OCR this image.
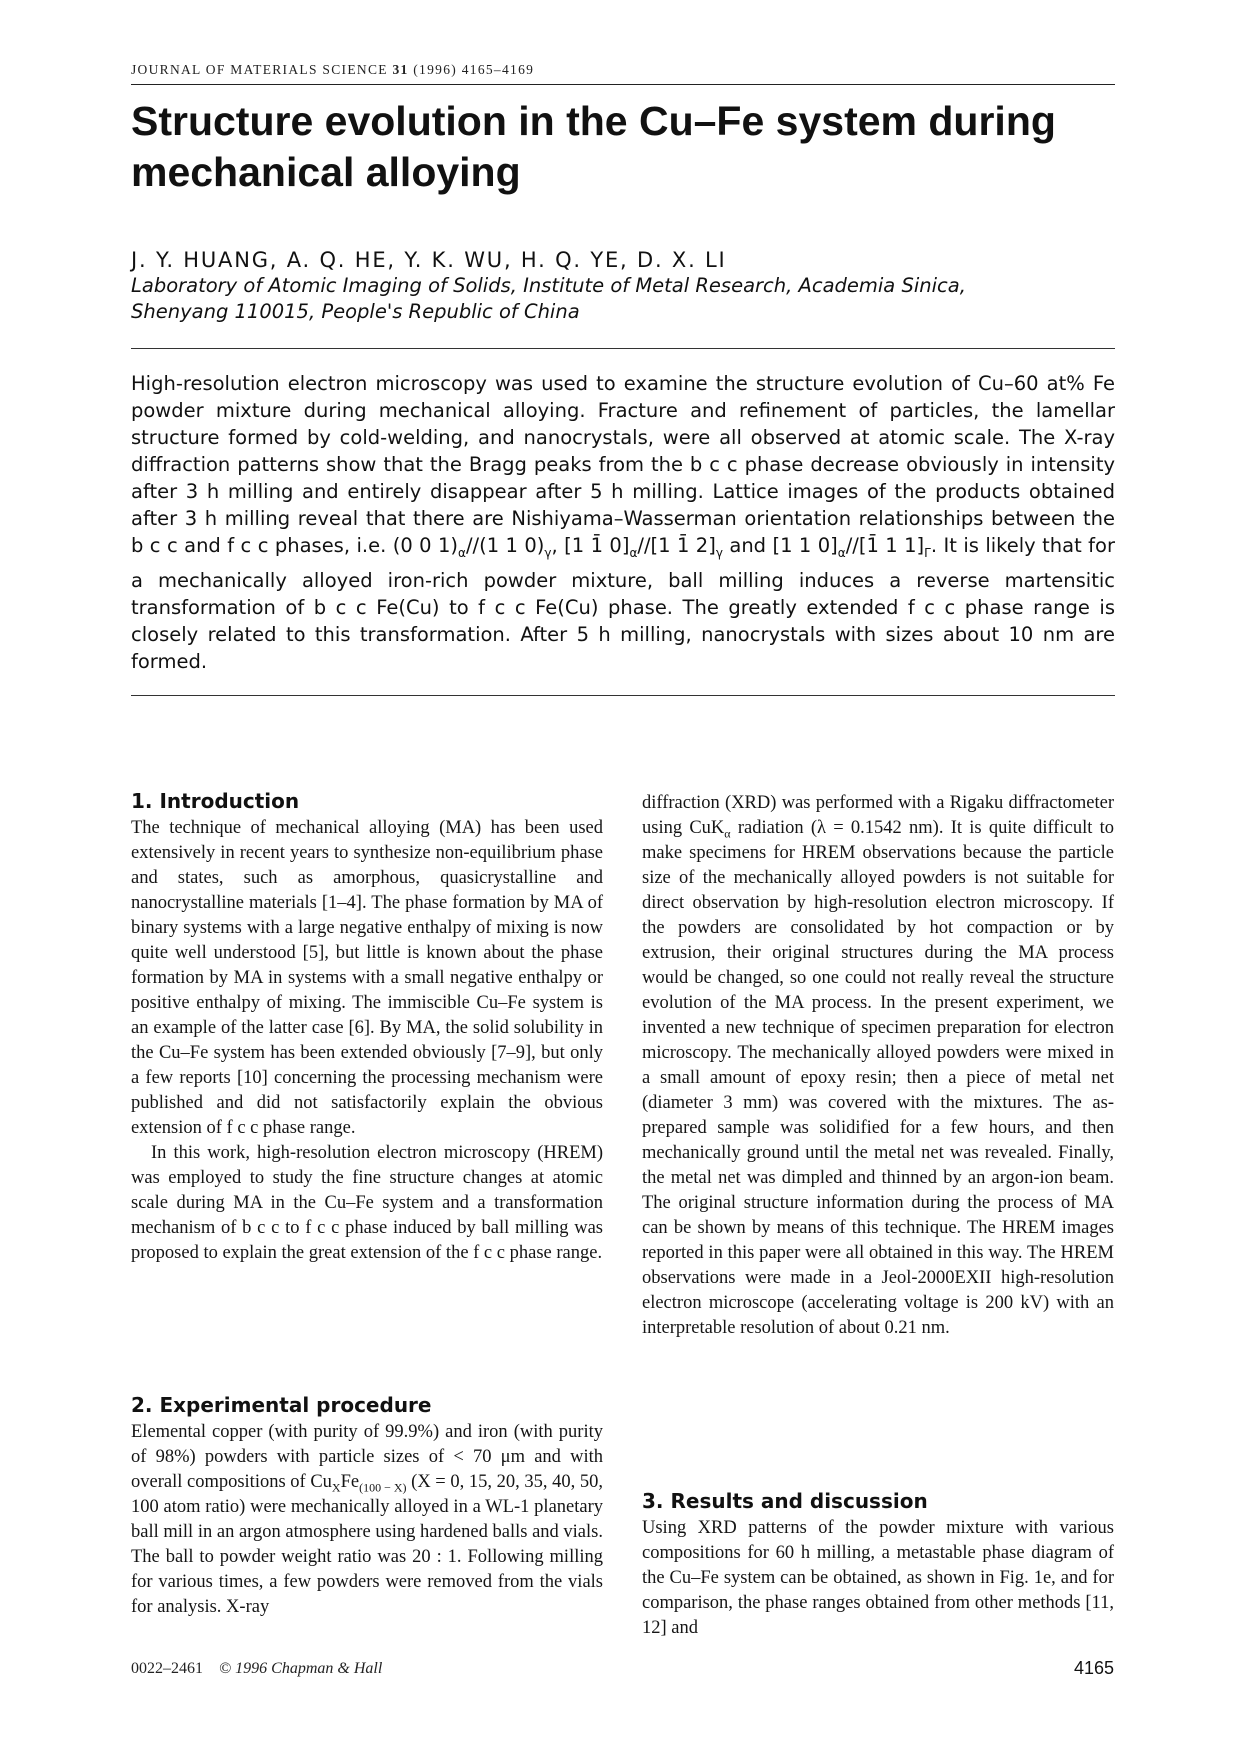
JOURNAL OF MATERIALS SCIENCE 31 (1996) 4165–4169
Structure evolution in the Cu–Fe system during mechanical alloying
J. Y. HUANG, A. Q. HE, Y. K. WU, H. Q. YE, D. X. LI
Laboratory of Atomic Imaging of Solids, Institute of Metal Research, Academia Sinica,
Shenyang 110015, People's Republic of China

High-resolution electron microscopy was used to examine the structure evolution of Cu–60 at% Fe powder mixture during mechanical alloying. Fracture and refinement of particles, the lamellar structure formed by cold-welding, and nanocrystals, were all observed at atomic scale. The X-ray diffraction patterns show that the Bragg peaks from the b c c phase decrease obviously in intensity after 3 h milling and entirely disappear after 5 h milling. Lattice images of the products obtained after 3 h milling reveal that there are Nishiyama–Wasserman orientation relationships between the b c c and f c c phases, i.e. (0 0 $1)_\alpha//(1$ 1 $0)_\gamma$, [1 1̄ $0]_\alpha//[1$ 1̄ $2]_\gamma$ and [1 1 $0]_\alpha//[1̄$ 1 $1]_\Gamma$. It is likely that for a mechanically alloyed iron-rich powder mixture, ball milling induces a reverse martensitic transformation of b c c Fe(Cu) to f c c Fe(Cu) phase. The greatly extended f c c phase range is closely related to this transformation. After 5 h milling, nanocrystals with sizes about 10 nm are formed.

1. Introduction

The technique of mechanical alloying (MA) has been used extensively in recent years to synthesize non-equilibrium phase and states, such as amorphous, quasicrystalline and nanocrystalline materials [1–4]. The phase formation by MA of binary systems with a large negative enthalpy of mixing is now quite well understood [5], but little is known about the phase formation by MA in systems with a small negative enthalpy or positive enthalpy of mixing. The immiscible Cu–Fe system is an example of the latter case [6]. By MA, the solid solubility in the Cu–Fe system has been extended obviously [7–9], but only a few reports [10] concerning the processing mechanism were published and did not satisfactorily explain the obvious extension of f c c phase range.

In this work, high-resolution electron microscopy (HREM) was employed to study the fine structure changes at atomic scale during MA in the Cu–Fe system and a transformation mechanism of b c c to f c c phase induced by ball milling was proposed to explain the great extension of the f c c phase range.

2. Experimental procedure

Elemental copper (with purity of 99.9%) and iron (with purity of 98%) powders with particle sizes of < 70 μm and with overall compositions of $Cu_XFe_{(100 - X)}$ (X = 0, 15, 20, 35, 40, 50, 100 atom ratio) were mechanically alloyed in a WL-1 planetary ball mill in an argon atmosphere using hardened balls and vials. The ball to powder weight ratio was 20 : 1. Following milling for various times, a few powders were removed from the vials for analysis. X-ray

diffraction (XRD) was performed with a Rigaku diffractometer using CuK$_\alpha$ radiation (λ = 0.1542 nm). It is quite difficult to make specimens for HREM observations because the particle size of the mechanically alloyed powders is not suitable for direct observation by high-resolution electron microscopy. If the powders are consolidated by hot compaction or by extrusion, their original structures during the MA process would be changed, so one could not really reveal the structure evolution of the MA process. In the present experiment, we invented a new technique of specimen preparation for electron microscopy. The mechanically alloyed powders were mixed in a small amount of epoxy resin; then a piece of metal net (diameter 3 mm) was covered with the mixtures. The as-prepared sample was solidified for a few hours, and then mechanically ground until the metal net was revealed. Finally, the metal net was dimpled and thinned by an argon-ion beam. The original structure information during the process of MA can be shown by means of this technique. The HREM images reported in this paper were all obtained in this way. The HREM observations were made in a Jeol-2000EXII high-resolution electron microscope (accelerating voltage is 200 kV) with an interpretable resolution of about 0.21 nm.

3. Results and discussion

Using XRD patterns of the powder mixture with various compositions for 60 h milling, a metastable phase diagram of the Cu–Fe system can be obtained, as shown in Fig. 1e, and for comparison, the phase ranges obtained from other methods [11, 12] and

0022–2461 © 1996 Chapman & Hall	4165
